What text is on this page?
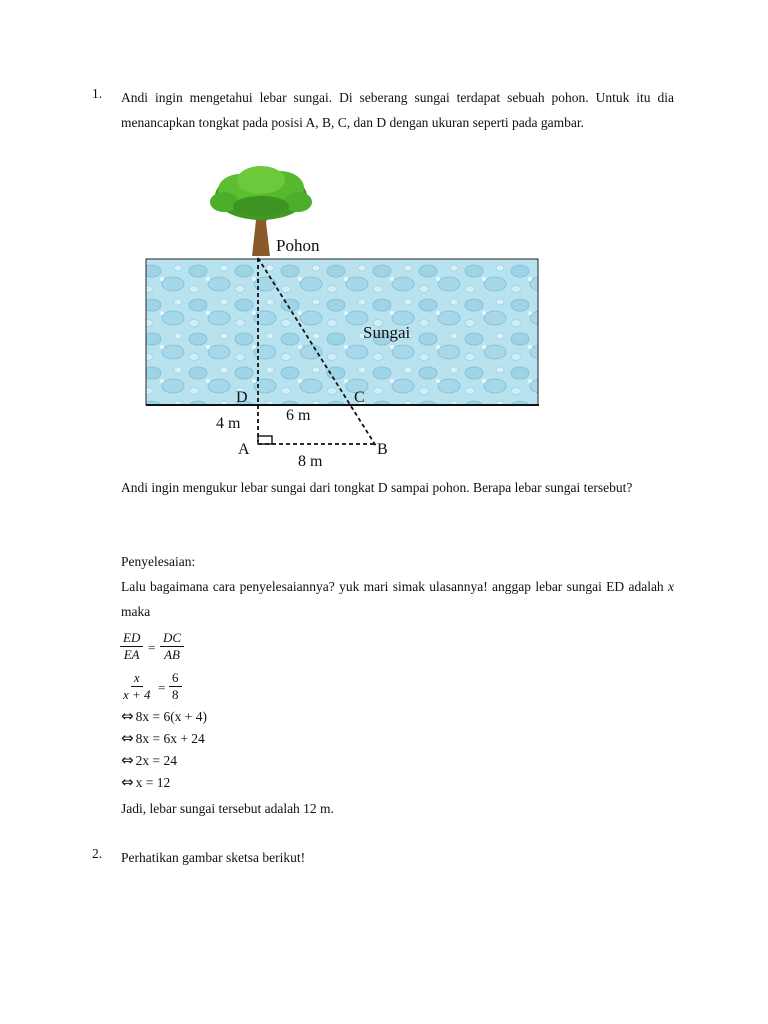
1. Andi ingin mengetahui lebar sungai. Di seberang sungai terdapat sebuah pohon. Untuk itu dia menancapkan tongkat pada posisi A, B, C, dan D dengan ukuran seperti pada gambar.
Pohon
Sungai
D	C
4 m	6 m
A	B
8 m
Andi ingin mengukur lebar sungai dari tongkat D sampai pohon. Berapa lebar sungai tersebut?
Penyelesaian:
Lalu bagaimana cara penyelesaiannya? yuk mari simak ulasannya! anggap lebar sungai ED adalah x maka
$\frac{ED}{EA} = \frac{DC}{AB}$
$\frac{x}{x + 4} = \frac{6}{8}$
⇔ 8x = 6(x + 4)
⇔ 8x = 6x + 24
⇔ 2x = 24
⇔ x = 12
Jadi, lebar sungai tersebut adalah 12 m.
2. Perhatikan gambar sketsa berikut!
